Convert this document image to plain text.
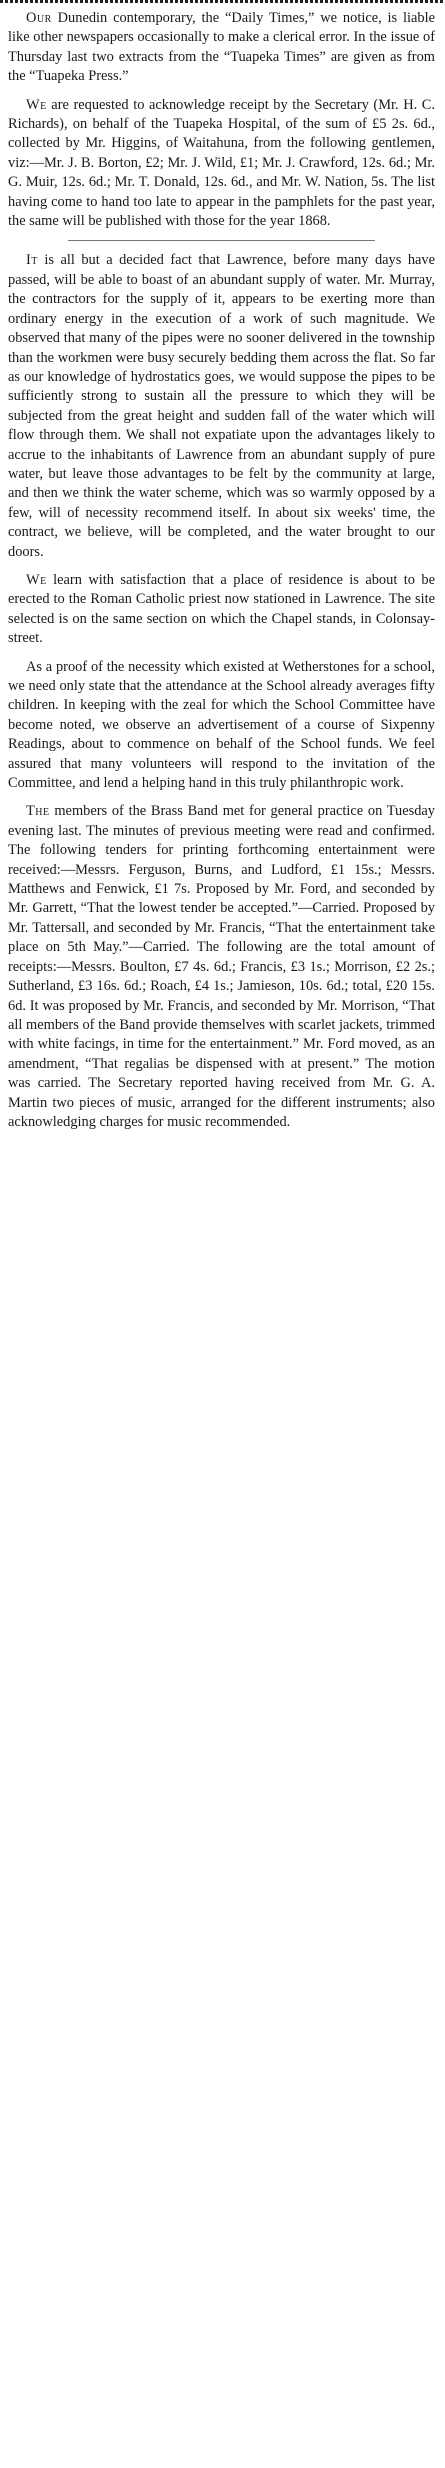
Our Dunedin contemporary, the “Daily Times,” we notice, is liable like other newspapers occasionally to make a clerical error. In the issue of Thursday last two extracts from the “Tuapeka Times” are given as from the “Tuapeka Press.”

We are requested to acknowledge receipt by the Secretary (Mr. H. C. Richards), on behalf of the Tuapeka Hospital, of the sum of £5 2s. 6d., collected by Mr. Higgins, of Waitahuna, from the following gentlemen, viz:—Mr. J. B. Borton, £2; Mr. J. Wild, £1; Mr. J. Crawford, 12s. 6d.; Mr. G. Muir, 12s. 6d.; Mr. T. Donald, 12s. 6d., and Mr. W. Nation, 5s. The list having come to hand too late to appear in the pamphlets for the past year, the same will be published with those for the year 1868.

It is all but a decided fact that Lawrence, before many days have passed, will be able to boast of an abundant supply of water. Mr. Murray, the contractors for the supply of it, appears to be exerting more than ordinary energy in the execution of a work of such magnitude. We observed that many of the pipes were no sooner delivered in the township than the workmen were busy securely bedding them across the flat. So far as our knowledge of hydrostatics goes, we would suppose the pipes to be sufficiently strong to sustain all the pressure to which they will be subjected from the great height and sudden fall of the water which will flow through them. We shall not expatiate upon the advantages likely to accrue to the inhabitants of Lawrence from an abundant supply of pure water, but leave those advantages to be felt by the community at large, and then we think the water scheme, which was so warmly opposed by a few, will of necessity recommend itself. In about six weeks' time, the contract, we believe, will be completed, and the water brought to our doors.

We learn with satisfaction that a place of residence is about to be erected to the Roman Catholic priest now stationed in Lawrence. The site selected is on the same section on which the Chapel stands, in Colonsay-street.

As a proof of the necessity which existed at Wetherstones for a school, we need only state that the attendance at the School already averages fifty children. In keeping with the zeal for which the School Committee have become noted, we observe an advertisement of a course of Sixpenny Readings, about to commence on behalf of the School funds. We feel assured that many volunteers will respond to the invitation of the Committee, and lend a helping hand in this truly philanthropic work.

The members of the Brass Band met for general practice on Tuesday evening last. The minutes of previous meeting were read and confirmed. The following tenders for printing forthcoming entertainment were received:—Messrs. Ferguson, Burns, and Ludford, £1 15s.; Messrs. Matthews and Fenwick, £1 7s. Proposed by Mr. Ford, and seconded by Mr. Garrett, “That the lowest tender be accepted.”—Carried. Proposed by Mr. Tattersall, and seconded by Mr. Francis, “That the entertainment take place on 5th May.”—Carried. The following are the total amount of receipts:—Messrs. Boulton, £7 4s. 6d.; Francis, £3 1s.; Morrison, £2 2s.; Sutherland, £3 16s. 6d.; Roach, £4 1s.; Jamieson, 10s. 6d.; total, £20 15s. 6d. It was proposed by Mr. Francis, and seconded by Mr. Morrison, “That all members of the Band provide themselves with scarlet jackets, trimmed with white facings, in time for the entertainment.” Mr. Ford moved, as an amendment, “That regalias be dispensed with at present.” The motion was carried. The Secretary reported having received from Mr. G. A. Martin two pieces of music, arranged for the different instruments; also acknowledging charges for music recommended.
